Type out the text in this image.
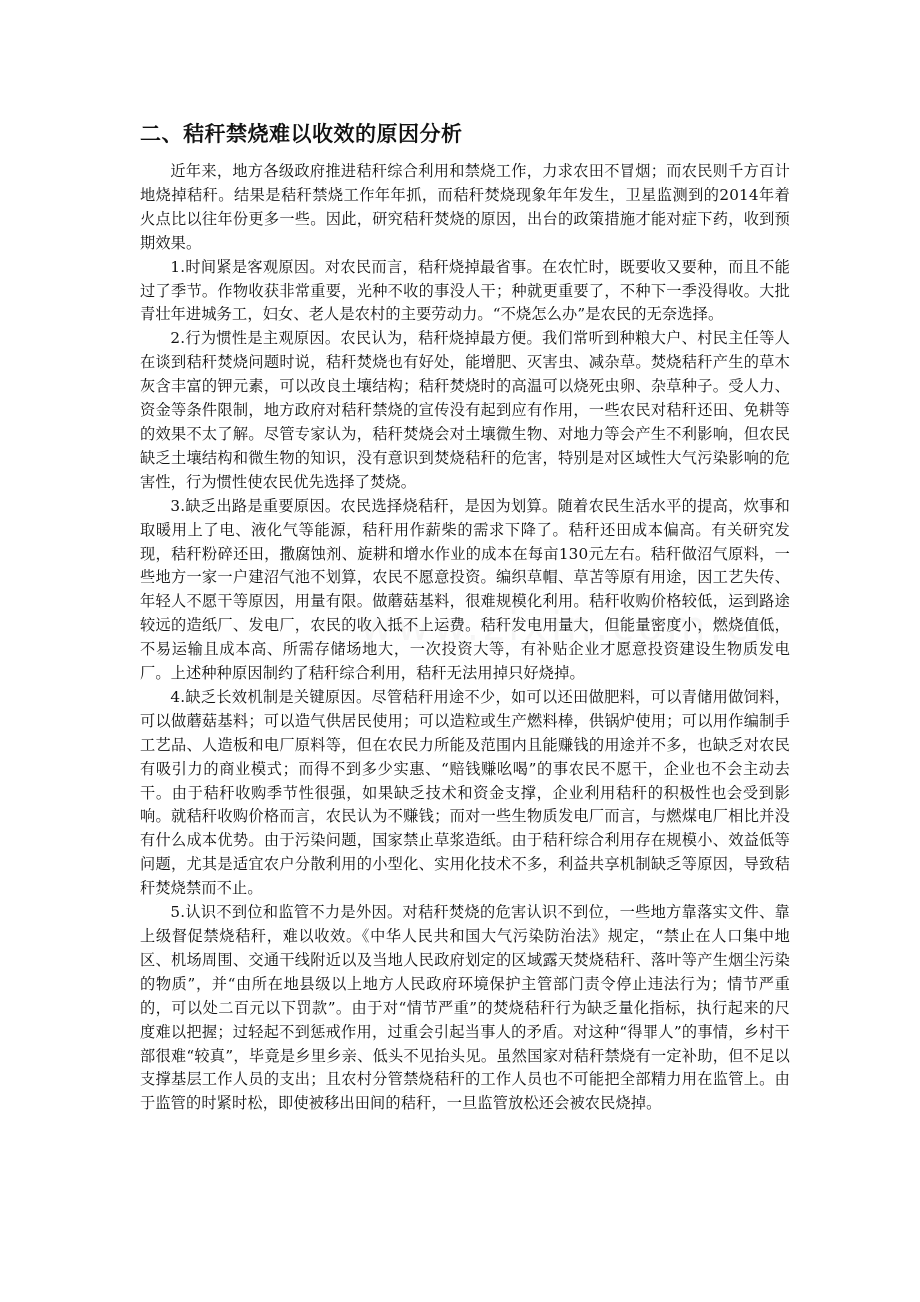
二、秸秆禁烧难以收效的原因分析

近年来，地方各级政府推进秸秆综合利用和禁烧工作，力求农田不冒烟；而农民则千方百计地烧掉秸秆。结果是秸秆禁烧工作年年抓，而秸秆焚烧现象年年发生，卫星监测到的2014年着火点比以往年份更多一些。因此，研究秸秆焚烧的原因，出台的政策措施才能对症下药，收到预期效果。

1.时间紧是客观原因。对农民而言，秸秆烧掉最省事。在农忙时，既要收又要种，而且不能过了季节。作物收获非常重要，光种不收的事没人干；种就更重要了，不种下一季没得收。大批青壮年进城务工，妇女、老人是农村的主要劳动力。“不烧怎么办”是农民的无奈选择。

2.行为惯性是主观原因。农民认为，秸秆烧掉最方便。我们常听到种粮大户、村民主任等人在谈到秸秆焚烧问题时说，秸秆焚烧也有好处，能增肥、灭害虫、减杂草。焚烧秸秆产生的草木灰含丰富的钾元素，可以改良土壤结构；秸秆焚烧时的高温可以烧死虫卵、杂草种子。受人力、资金等条件限制，地方政府对秸秆禁烧的宣传没有起到应有作用，一些农民对秸秆还田、免耕等的效果不太了解。尽管专家认为，秸秆焚烧会对土壤微生物、对地力等会产生不利影响，但农民缺乏土壤结构和微生物的知识，没有意识到焚烧秸秆的危害，特别是对区域性大气污染影响的危害性，行为惯性使农民优先选择了焚烧。

3.缺乏出路是重要原因。农民选择烧秸秆，是因为划算。随着农民生活水平的提高，炊事和取暖用上了电、液化气等能源，秸秆用作薪柴的需求下降了。秸秆还田成本偏高。有关研究发现，秸秆粉碎还田，撒腐蚀剂、旋耕和增水作业的成本在每亩130元左右。秸秆做沼气原料，一些地方一家一户建沼气池不划算，农民不愿意投资。编织草帽、草苫等原有用途，因工艺失传、年轻人不愿干等原因，用量有限。做蘑菇基料，很难规模化利用。秸秆收购价格较低，运到路途较远的造纸厂、发电厂，农民的收入抵不上运费。秸秆发电用量大，但能量密度小，燃烧值低，不易运输且成本高、所需存储场地大，一次投资大等，有补贴企业才愿意投资建设生物质发电厂。上述种种原因制约了秸秆综合利用，秸秆无法用掉只好烧掉。

4.缺乏长效机制是关键原因。尽管秸秆用途不少，如可以还田做肥料，可以青储用做饲料，可以做蘑菇基料；可以造气供居民使用；可以造粒或生产燃料棒，供锅炉使用；可以用作编制手工艺品、人造板和电厂原料等，但在农民力所能及范围内且能赚钱的用途并不多，也缺乏对农民有吸引力的商业模式；而得不到多少实惠、“赔钱赚吆喝”的事农民不愿干，企业也不会主动去干。由于秸秆收购季节性很强，如果缺乏技术和资金支撑，企业利用秸秆的积极性也会受到影响。就秸秆收购价格而言，农民认为不赚钱；而对一些生物质发电厂而言，与燃煤电厂相比并没有什么成本优势。由于污染问题，国家禁止草浆造纸。由于秸秆综合利用存在规模小、效益低等问题，尤其是适宜农户分散利用的小型化、实用化技术不多，利益共享机制缺乏等原因，导致秸秆焚烧禁而不止。

5.认识不到位和监管不力是外因。对秸秆焚烧的危害认识不到位，一些地方靠落实文件、靠上级督促禁烧秸秆，难以收效。《中华人民共和国大气污染防治法》规定，“禁止在人口集中地区、机场周围、交通干线附近以及当地人民政府划定的区域露天焚烧秸秆、落叶等产生烟尘污染的物质”，并“由所在地县级以上地方人民政府环境保护主管部门责令停止违法行为；情节严重的，可以处二百元以下罚款”。由于对“情节严重”的焚烧秸秆行为缺乏量化指标，执行起来的尺度难以把握；过轻起不到惩戒作用，过重会引起当事人的矛盾。对这种“得罪人”的事情，乡村干部很难“较真”，毕竟是乡里乡亲、低头不见抬头见。虽然国家对秸秆禁烧有一定补助，但不足以支撑基层工作人员的支出；且农村分管禁烧秸秆的工作人员也不可能把全部精力用在监管上。由于监管的时紧时松，即使被移出田间的秸秆，一旦监管放松还会被农民烧掉。
